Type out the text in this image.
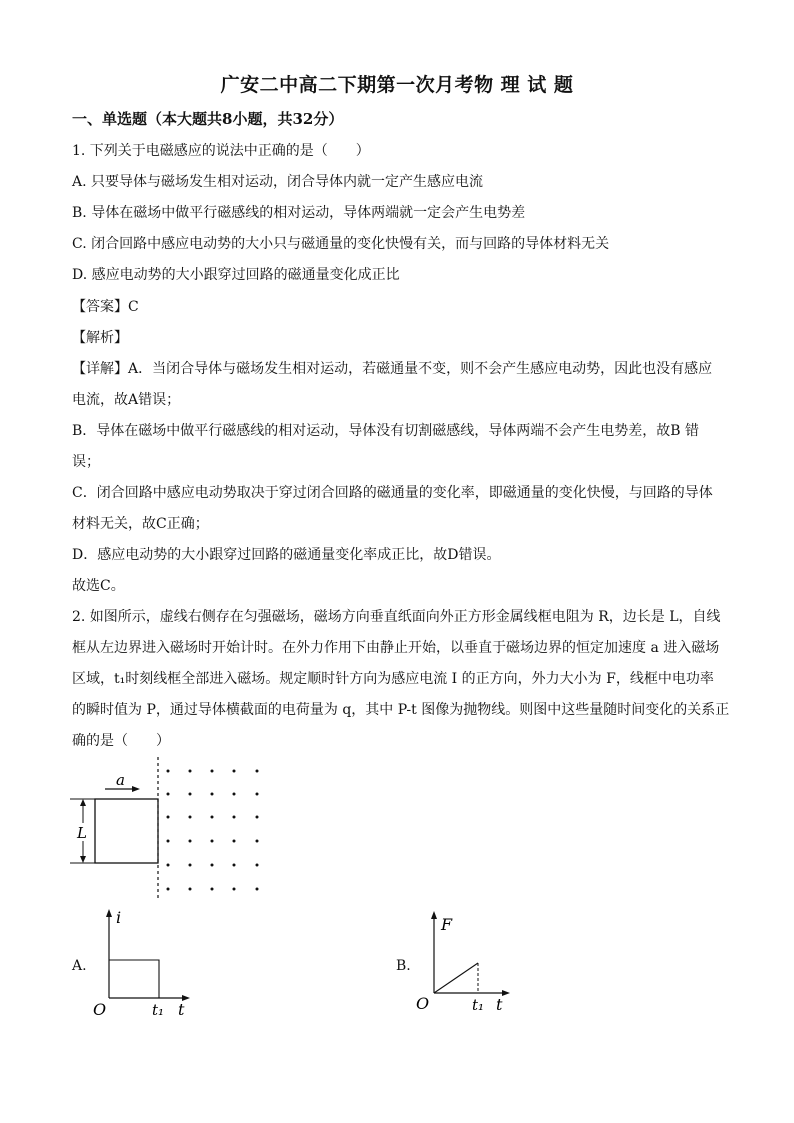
广安二中高二下期第一次月考物 理 试 题
一、单选题（本大题共8小题，共32分）
1. 下列关于电磁感应的说法中正确的是（　　）
A. 只要导体与磁场发生相对运动，闭合导体内就一定产生感应电流
B. 导体在磁场中做平行磁感线的相对运动，导体两端就一定会产生电势差
C. 闭合回路中感应电动势的大小只与磁通量的变化快慢有关，而与回路的导体材料无关
D. 感应电动势的大小跟穿过回路的磁通量变化成正比
【答案】C
【解析】
【详解】A．当闭合导体与磁场发生相对运动，若磁通量不变，则不会产生感应电动势，因此也没有感应
电流，故A错误；
B．导体在磁场中做平行磁感线的相对运动，导体没有切割磁感线，导体两端不会产生电势差，故B 错
误；
C．闭合回路中感应电动势取决于穿过闭合回路的磁通量的变化率，即磁通量的变化快慢，与回路的导体
材料无关，故C正确；
D．感应电动势的大小跟穿过回路的磁通量变化率成正比，故D错误。
故选C。
2. 如图所示，虚线右侧存在匀强磁场，磁场方向垂直纸面向外正方形金属线框电阻为 R，边长是 L，自线
框从左边界进入磁场时开始计时。在外力作用下由静止开始，以垂直于磁场边界的恒定加速度 a 进入磁场
区域，t₁时刻线框全部进入磁场。规定顺时针方向为感应电流 I 的正方向，外力大小为 F，线框中电功率
的瞬时值为 P，通过导体横截面的电荷量为 q，其中 P-t 图像为抛物线。则图中这些量随时间变化的关系正
确的是（　　）
a
L
A.
i
O	t₁ t
B.
F
O	t₁ t
